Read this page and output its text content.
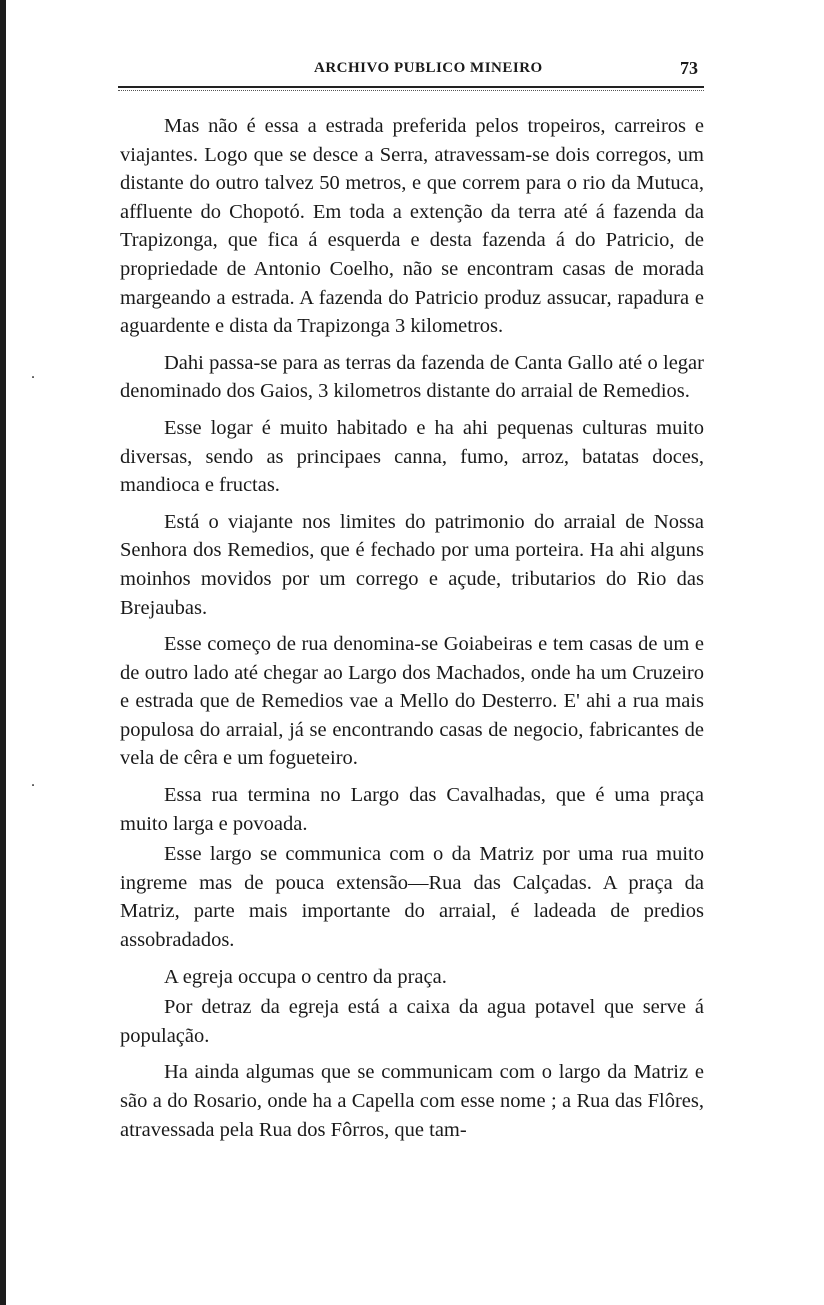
ARCHIVO PUBLICO MINEIRO	73
˙
˙

Mas não é essa a estrada preferida pelos tropeiros, carreiros e viajantes. Logo que se desce a Serra, atravessam-se dois corregos, um distante do outro talvez 50 metros, e que correm para o rio da Mutuca, affluente do Chopotó. Em toda a extenção da terra até á fazenda da Trapizonga, que fica á esquerda e desta fazenda á do Patricio, de propriedade de Antonio Coelho, não se encontram casas de morada margeando a estrada. A fazenda do Patricio produz assucar, rapadura e aguardente e dista da Trapizonga 3 kilometros.

Dahi passa-se para as terras da fazenda de Canta Gallo até o legar denominado dos Gaios, 3 kilometros distante do arraial de Remedios.

Esse logar é muito habitado e ha ahi pequenas culturas muito diversas, sendo as principaes canna, fumo, arroz, batatas doces, mandioca e fructas.

Está o viajante nos limites do patrimonio do arraial de Nossa Senhora dos Remedios, que é fechado por uma porteira. Ha ahi alguns moinhos movidos por um corrego e açude, tributarios do Rio das Brejaubas.

Esse começo de rua denomina-se Goiabeiras e tem casas de um e de outro lado até chegar ao Largo dos Machados, onde ha um Cruzeiro e estrada que de Remedios vae a Mello do Desterro. E' ahi a rua mais populosa do arraial, já se encontrando casas de negocio, fabricantes de vela de cêra e um fogueteiro.

Essa rua termina no Largo das Cavalhadas, que é uma praça muito larga e povoada.

Esse largo se communica com o da Matriz por uma rua muito ingreme mas de pouca extensão—Rua das Calçadas. A praça da Matriz, parte mais importante do arraial, é ladeada de predios assobradados.

A egreja occupa o centro da praça.

Por detraz da egreja está a caixa da agua potavel que serve á população.

Ha ainda algumas que se communicam com o largo da Matriz e são a do Rosario, onde ha a Capella com esse nome ; a Rua das Flôres, atravessada pela Rua dos Fôrros, que tam-
